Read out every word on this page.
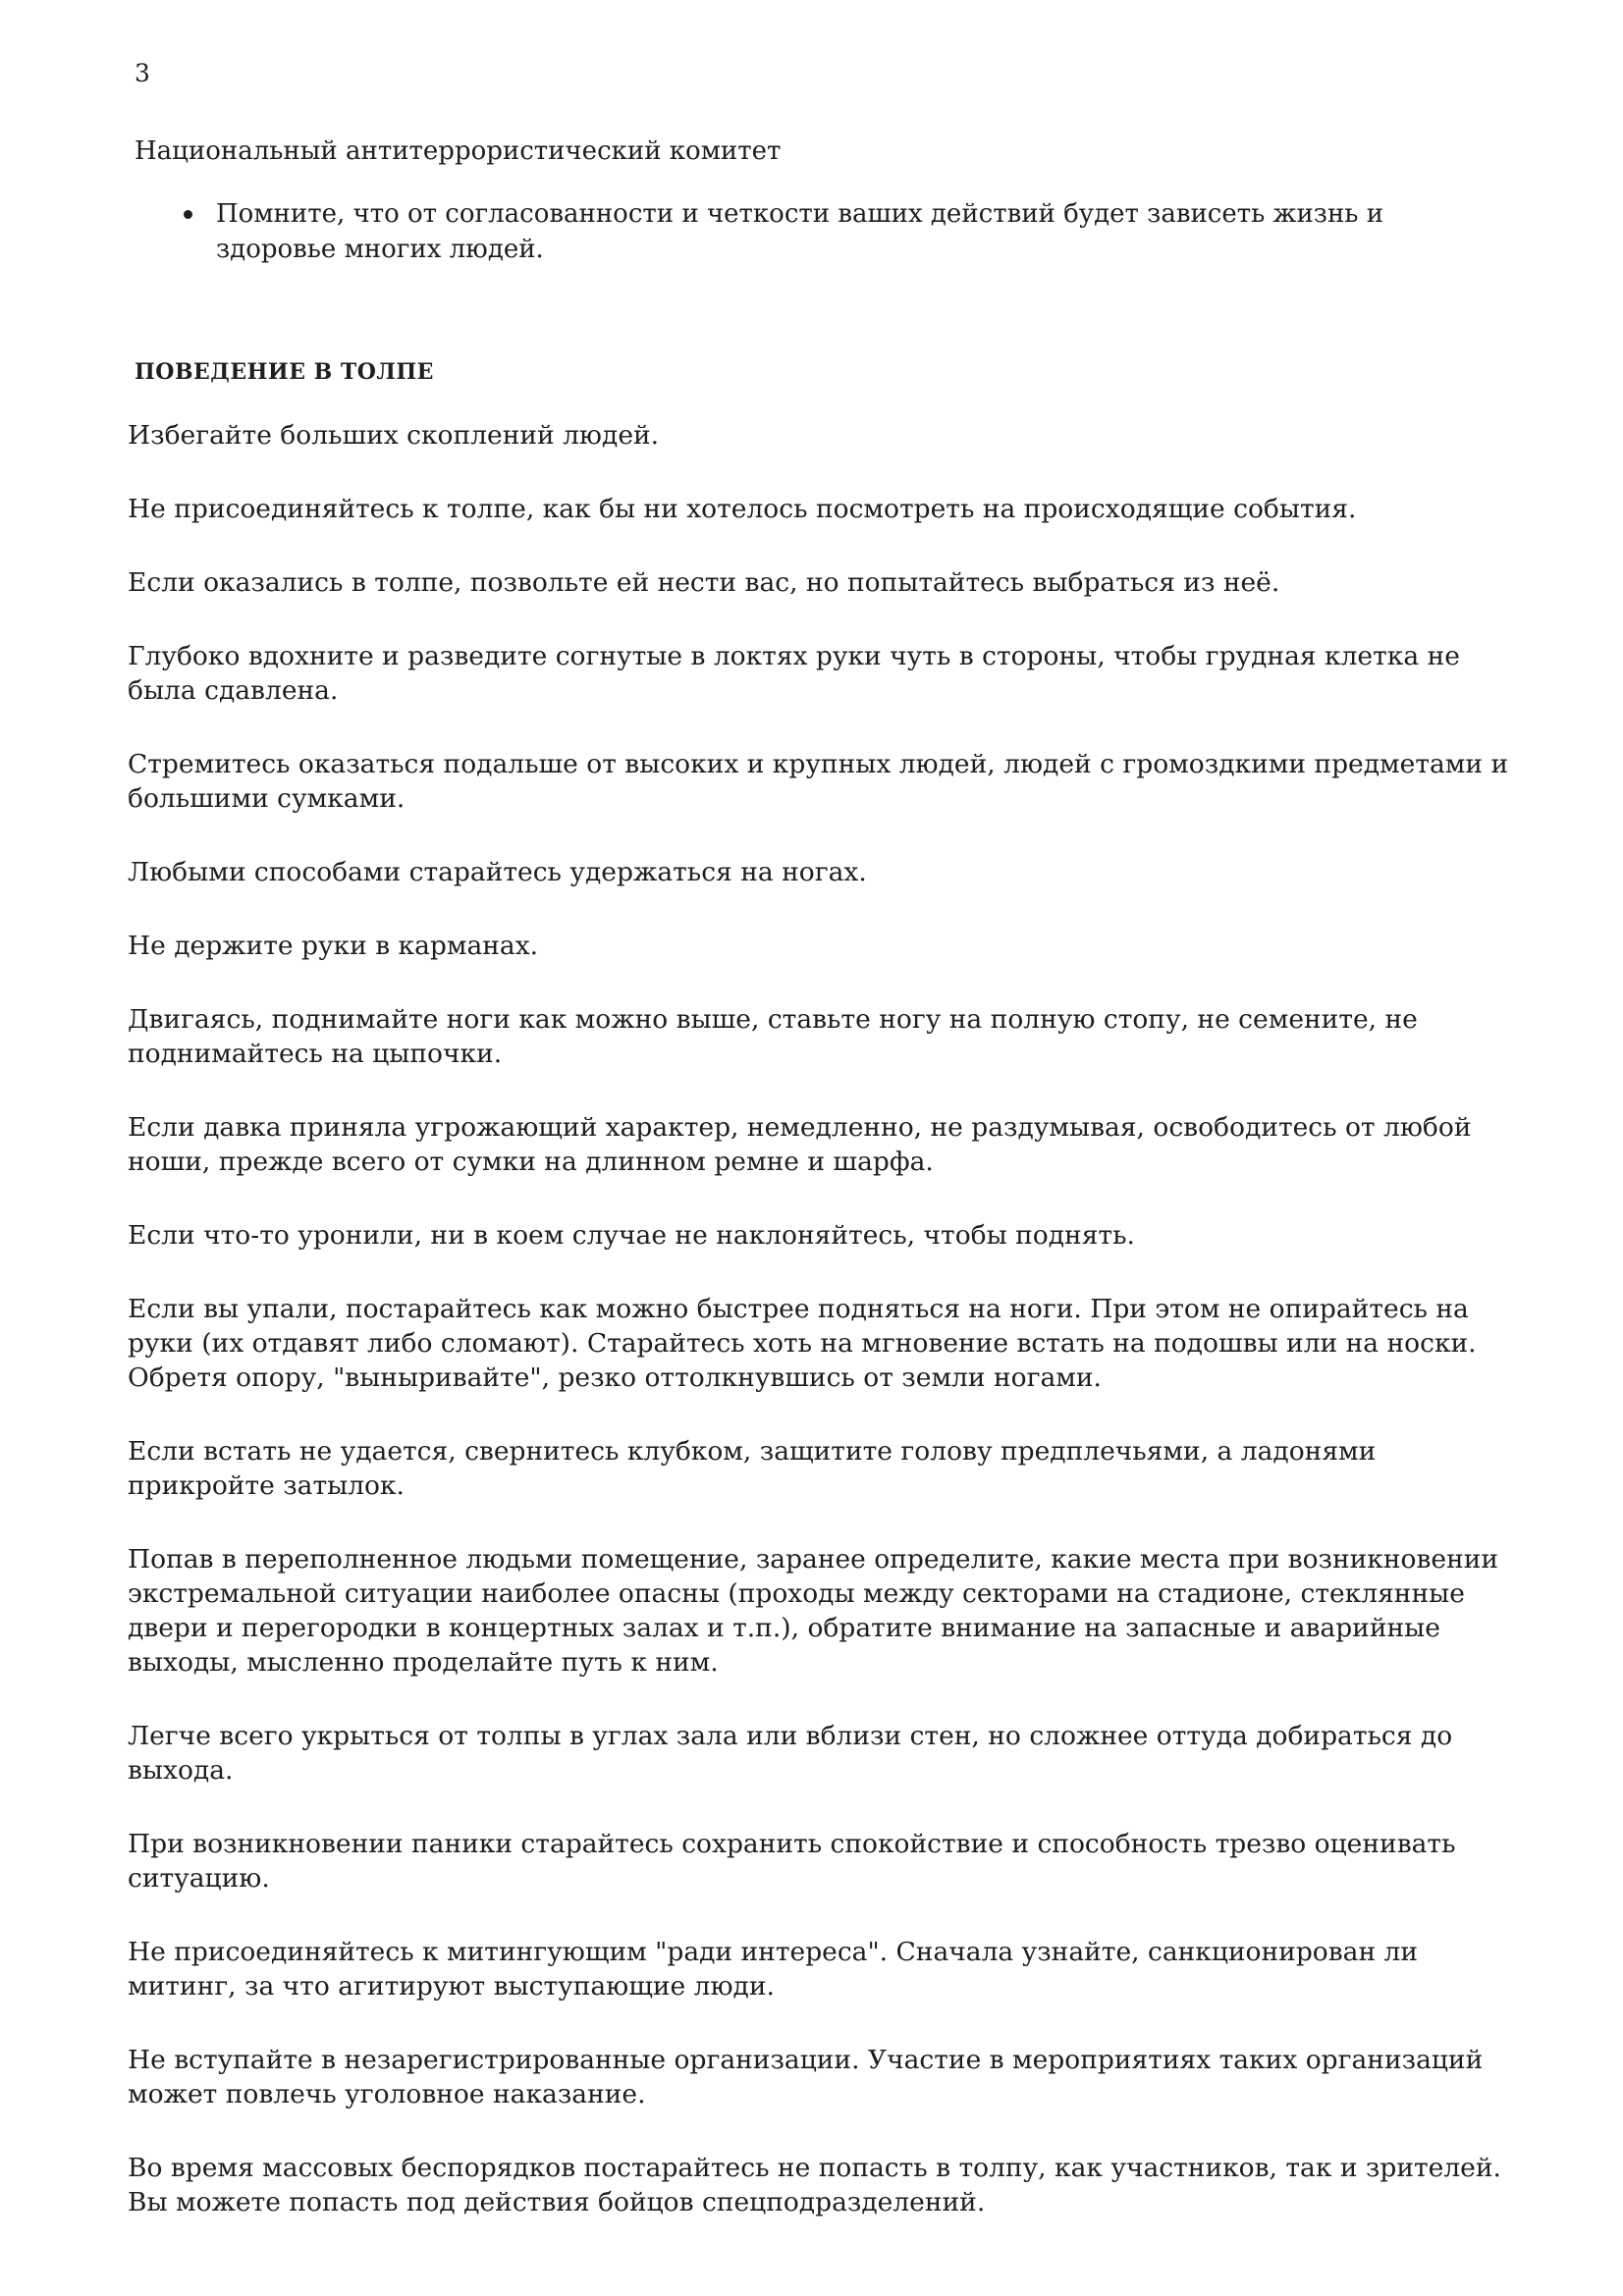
3
Национальный антитеррористический комитет
Помните, что от согласованности и четкости ваших действий будет зависеть жизнь и здоровье многих людей.
ПОВЕДЕНИЕ В ТОЛПЕ

Избегайте больших скоплений людей.

Не присоединяйтесь к толпе, как бы ни хотелось посмотреть на происходящие события.

Если оказались в толпе, позвольте ей нести вас, но попытайтесь выбраться из неё.

Глубоко вдохните и разведите согнутые в локтях руки чуть в стороны, чтобы грудная клетка не была сдавлена.

Стремитесь оказаться подальше от высоких и крупных людей, людей с громоздкими предметами и большими сумками.

Любыми способами старайтесь удержаться на ногах.

Не держите руки в карманах.

Двигаясь, поднимайте ноги как можно выше, ставьте ногу на полную стопу, не семените, не поднимайтесь на цыпочки.

Если давка приняла угрожающий характер, немедленно, не раздумывая, освободитесь от любой ноши, прежде всего от сумки на длинном ремне и шарфа.

Если что-то уронили, ни в коем случае не наклоняйтесь, чтобы поднять.

Если вы упали, постарайтесь как можно быстрее подняться на ноги. При этом не опирайтесь на руки (их отдавят либо сломают). Старайтесь хоть на мгновение встать на подошвы или на носки. Обретя опору, "выныривайте", резко оттолкнувшись от земли ногами.

Если встать не удается, свернитесь клубком, защитите голову предплечьями, а ладонями прикройте затылок.

Попав в переполненное людьми помещение, заранее определите, какие места при возникновении экстремальной ситуации наиболее опасны (проходы между секторами на стадионе, стеклянные двери и перегородки в концертных залах и т.п.), обратите внимание на запасные и аварийные выходы, мысленно проделайте путь к ним.

Легче всего укрыться от толпы в углах зала или вблизи стен, но сложнее оттуда добираться до выхода.

При возникновении паники старайтесь сохранить спокойствие и способность трезво оценивать ситуацию.

Не присоединяйтесь к митингующим "ради интереса". Сначала узнайте, санкционирован ли митинг, за что агитируют выступающие люди.

Не вступайте в незарегистрированные организации. Участие в мероприятиях таких организаций может повлечь уголовное наказание.

Во время массовых беспорядков постарайтесь не попасть в толпу, как участников, так и зрителей. Вы можете попасть под действия бойцов спецподразделений.
